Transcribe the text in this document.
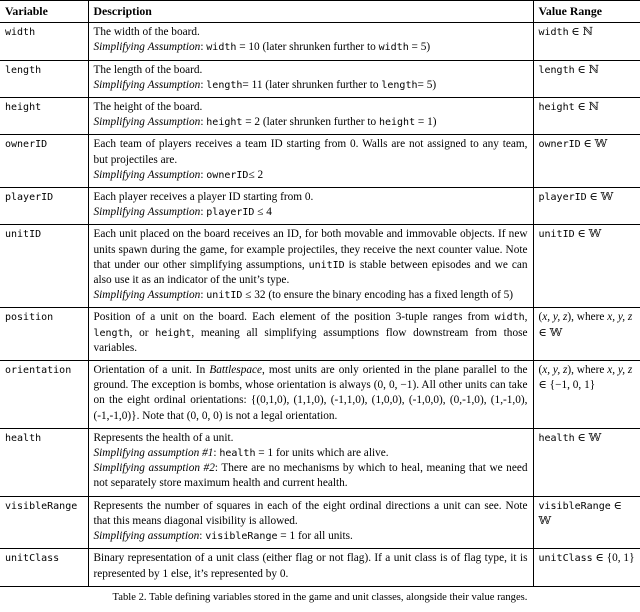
Variable	Description	Value Range
width	The width of the board.
Simplifying Assumption: width = 10 (later shrunken further to width = 5)	width ∈ ℕ

length	The length of the board.
Simplifying Assumption: length= 11 (later shrunken further to length= 5)	length ∈ ℕ

height	The height of the board.
Simplifying Assumption: height = 2 (later shrunken further to height = 1)	height ∈ ℕ

ownerID	Each team of players receives a team ID starting from 0. Walls are not assigned to any team, but projectiles are.
Simplifying Assumption: ownerID≤ 2	ownerID ∈ 𝕎

playerID	Each player receives a player ID starting from 0.
Simplifying Assumption: playerID ≤ 4	playerID ∈ 𝕎

unitID	Each unit placed on the board receives an ID, for both movable and immovable objects. If new units spawn during the game, for example projectiles, they receive the next counter value. Note that under our other simplifying assumptions, unitID is stable between episodes and we can also use it as an indicator of the unit’s type.
Simplifying Assumption: unitID ≤ 32 (to ensure the binary encoding has a fixed length of 5)	unitID ∈ 𝕎

position	Position of a unit on the board. Each element of the position 3-tuple ranges from width, length, or height, meaning all simplifying assumptions flow downstream from those variables.	(x, y, z), where x, y, z ∈ 𝕎

orientation	Orientation of a unit. In Battlespace, most units are only oriented in the plane parallel to the ground. The exception is bombs, whose orientation is always (0, 0, −1). All other units can take on the eight ordinal orientations: {(0,1,0), (1,1,0), (-1,1,0), (1,0,0), (-1,0,0), (0,-1,0), (1,-1,0), (-1,-1,0)}. Note that (0, 0, 0) is not a legal orientation.	(x, y, z), where x, y, z ∈ {−1, 0, 1}

health	Represents the health of a unit.
Simplifying assumption #1: health = 1 for units which are alive.
Simplifying assumption #2: There are no mechanisms by which to heal, meaning that we need not separately store maximum health and current health.	health ∈ 𝕎

visibleRange	Represents the number of squares in each of the eight ordinal directions a unit can see. Note that this means diagonal visibility is allowed.
Simplifying assumption: visibleRange = 1 for all units.	visibleRange ∈ 𝕎

unitClass	Binary representation of a unit class (either flag or not flag). If a unit class is of flag type, it is represented by 1 else, it’s represented by 0.	unitClass ∈ {0, 1}
Table 2. Table defining variables stored in the game and unit classes, alongside their value ranges.
